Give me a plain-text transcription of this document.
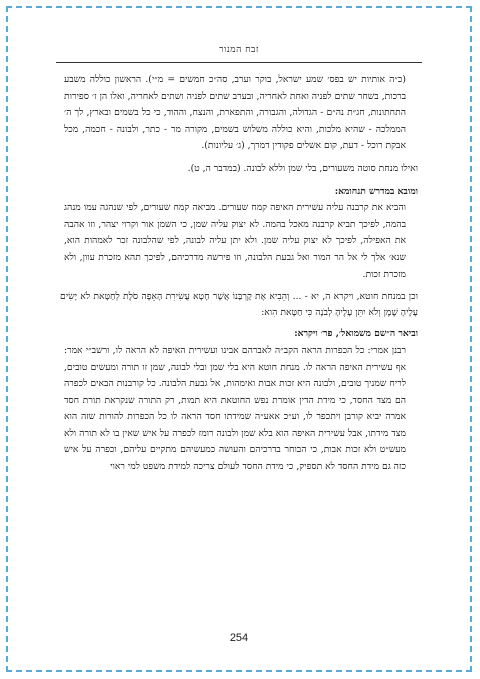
זבח המנור

(כ״ה אותיות יש בפס׳ שמע ישראל, בוקר וערב, סה״כ חמשים = מ״י). הראשון כוללה משבע ברכות, בשחר שתים לפניה ואחת לאחריה, ובערב שתים לפניה ושתים לאחריה, ואלו הן ז׳ ספירות התחתונות, חג״ת נה״ם - הגדולה, והגבורה, והתפארת, והנצח, וההוד, כי כל בשמים ובארץ, לך ה׳ הממלכה - שהיא מלכות, והיא כוללה משלוש בשמים, מקורה מר - כתר, ולבונה - חכמה, מכל אבקת רוכל - דעת, קום אשלים פקודין דמרך, (ג׳ עליונות).

ואילו מנחת סוטה משעורים, בלי שמן וללא לבונה. (במדבר ה, ט).

ומובא במדרש תנחומא:

והביא את קרבנה עליה עשירית האיפה קמח שעורים. מביאה קמח שעורים, לפי שנהגה עמו מנהג בהמה, לפיכך תביא קרבנה מאכל בהמה. לא יצוק עליה שמן, כי השמן אור וקרוי יצהר, וזו אהבה את האפילה, לפיכך לא יצוק עליה שמן. ולא יתן עליה לבונה, לפי שהלבונה זכר לאמהות הוא, שנא׳ אלך לי אל הר המור ואל גבעת הלבונה, וזו פירשה מדרכיהם, לפיכך תהא מזכרת עוון, ולא מזכרת זכות.

וכן במנחת חוטא, ויקרא ה, יא - ... וְהֵבִיא אֶת קָרְבָּנוֹ אֲשֶׁר חָטָא עֲשִׂירִת הָאֵפָה סֹלֶת לְחַטָּאת לֹא יָשִׂים עָלֶיהָ שֶׁמֶן וְלֹא יִתֵּן עָלֶיהָ לְבֹנָה כִּי חַטָּאת הִוא:

וביאר ה״שם משמואל׳, פר׳ ויקרא:

רבנן אמרי: כל הכפרות הראה הקב״ה לאברהם אבינו ועשירית האיפה לא הראה לו, ורשב״י אמר: אף עשירית האיפה הראה לו. מנחת חוטא היא בלי שמן ובלי לבונה, שמן זו תורה ומעשים טובים, לריח שמניך טובים, ולבונה היא זכות אבות ואימהות, אל גבעת הלבונה. כל קורבנות הבאים לכפרה הם מצד החסד, כי מידת הדין אומרת נפש החוטאת היא תמות, רק התורה שנקראת תורת חסד אמרה יביא קורבן ויתכפר לו, וע״כ אאע״ה שמידתו חסד הראה לו כל הכפרות להורות שזה הוא מצד מידתו, אבל עשירית האיפה הוא בלא שמן ולבונה רומז לכפרה על איש שאין בו לא תורה ולא מעש״ט ולא זכות אבות, כי הבוחר בדרכיהם והעושה כמעשיהם מתקיים עליהם, וכפרה על איש כזה גם מידת החסד לא תספיק, כי מידת החסד לעולם צריכה למידת משפט למי ראוי

254
